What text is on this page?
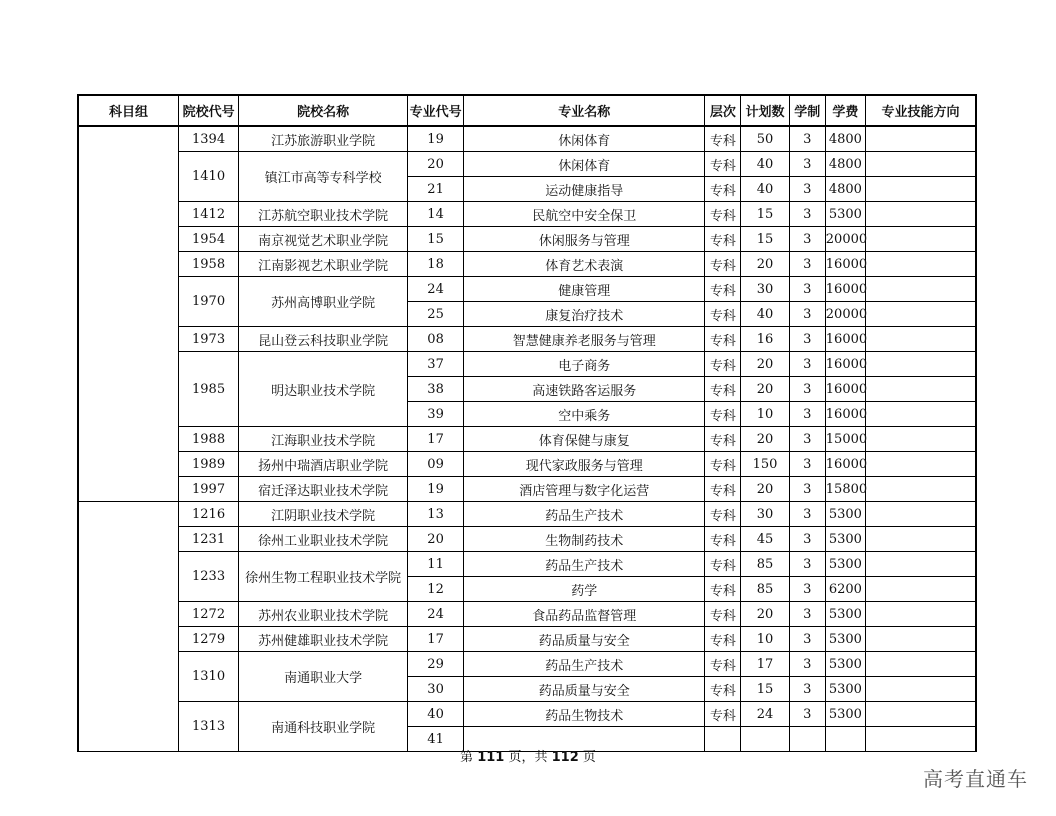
科目组	院校代号	院校名称	专业代号	专业名称	层次	计划数	学制	学费	专业技能方向
	1394	江苏旅游职业学院	19	休闲体育	专科	50	3	4800	
	1410	镇江市高等专科学校	20	休闲体育	专科	40	3	4800	
			21	运动健康指导	专科	40	3	4800	
	1412	江苏航空职业技术学院	14	民航空中安全保卫	专科	15	3	5300	
	1954	南京视觉艺术职业学院	15	休闲服务与管理	专科	15	3	20000	
	1958	江南影视艺术职业学院	18	体育艺术表演	专科	20	3	16000	
	1970	苏州高博职业学院	24	健康管理	专科	30	3	16000	
			25	康复治疗技术	专科	40	3	20000	
	1973	昆山登云科技职业学院	08	智慧健康养老服务与管理	专科	16	3	16000	
	1985	明达职业技术学院	37	电子商务	专科	20	3	16000	
			38	高速铁路客运服务	专科	20	3	16000	
			39	空中乘务	专科	10	3	16000	
	1988	江海职业技术学院	17	体育保健与康复	专科	20	3	15000	
	1989	扬州中瑞酒店职业学院	09	现代家政服务与管理	专科	150	3	16000	
	1997	宿迁泽达职业技术学院	19	酒店管理与数字化运营	专科	20	3	15800	
	1216	江阴职业技术学院	13	药品生产技术	专科	30	3	5300	
	1231	徐州工业职业技术学院	20	生物制药技术	专科	45	3	5300	
	1233	徐州生物工程职业技术学院	11	药品生产技术	专科	85	3	5300	
			12	药学	专科	85	3	6200	
	1272	苏州农业职业技术学院	24	食品药品监督管理	专科	20	3	5300	
	1279	苏州健雄职业技术学院	17	药品质量与安全	专科	10	3	5300	
	1310	南通职业大学	29	药品生产技术	专科	17	3	5300	
			30	药品质量与安全	专科	15	3	5300	
	1313	南通科技职业学院	40	药品生物技术	专科	24	3	5300	
			41						
第 111 页，共 112 页
高考直通车
